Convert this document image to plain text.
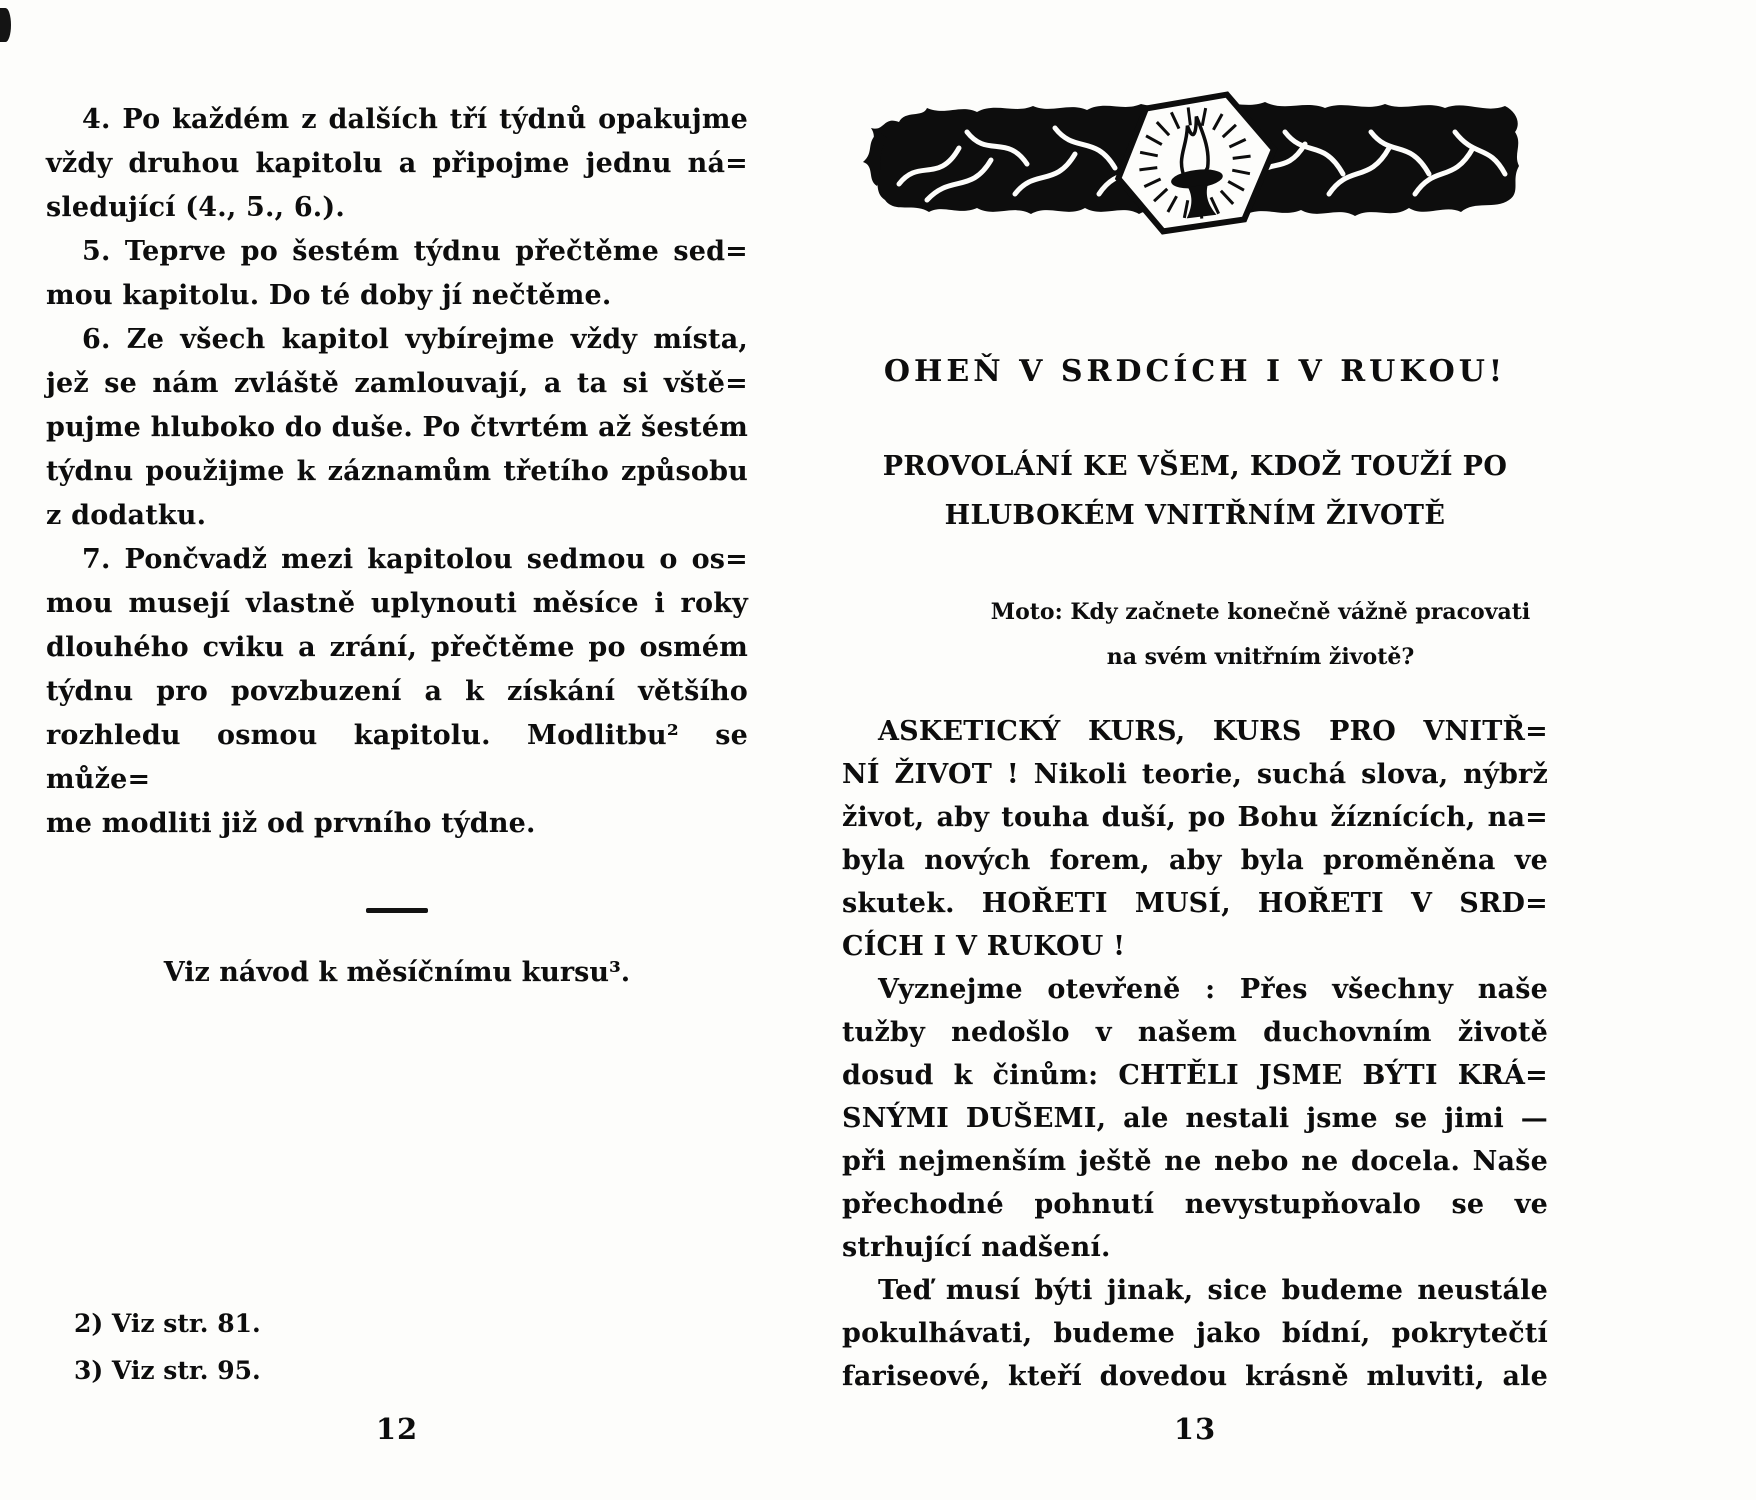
4. Po každém z dalších tří týdnů opakujme
vždy druhou kapitolu a připojme jednu ná=
sledující (4., 5., 6.).
5. Teprve po šestém týdnu přečtěme sed=
mou kapitolu. Do té doby jí nečtěme.
6. Ze všech kapitol vybírejme vždy místa,
jež se nám zvláště zamlouvají, a ta si vště=
pujme hluboko do duše. Po čtvrtém až šestém
týdnu použijme k záznamům třetího způsobu
z dodatku.
7. Pončvadž mezi kapitolou sedmou o os=
mou musejí vlastně uplynouti měsíce i roky
dlouhého cviku a zrání, přečtěme po osmém
týdnu pro povzbuzení a k získání většího
rozhledu osmou kapitolu. Modlitbu² se může=
me modliti již od prvního týdne.
Viz návod k měsíčnímu kursu³.
2) Viz str. 81.
3) Viz str. 95.
12
OHEŇ V SRDCÍCH I V RUKOU!
PROVOLÁNÍ KE VŠEM, KDOŽ TOUŽÍ PO
HLUBOKÉM VNITŘNÍM ŽIVOTĚ
Moto: Kdy začnete konečně vážně pracovati
na svém vnitřním životě?
ASKETICKÝ KURS, KURS PRO VNITŘ=
NÍ ŽIVOT ! Nikoli teorie, suchá slova, nýbrž
život, aby touha duší, po Bohu žíznících, na=
byla nových forem, aby byla proměněna ve
skutek. HOŘETI MUSÍ, HOŘETI V SRD=
CÍCH I V RUKOU !
Vyznejme otevřeně : Přes všechny naše
tužby nedošlo v našem duchovním životě
dosud k činům: CHTĚLI JSME BÝTI KRÁ=
SNÝMI DUŠEMI, ale nestali jsme se jimi —
při nejmenším ještě ne nebo ne docela. Naše
přechodné pohnutí nevystupňovalo se ve
strhující nadšení.
Teď musí býti jinak, sice budeme neustále
pokulhávati, budeme jako bídní, pokrytečtí
fariseové, kteří dovedou krásně mluviti, ale
13
